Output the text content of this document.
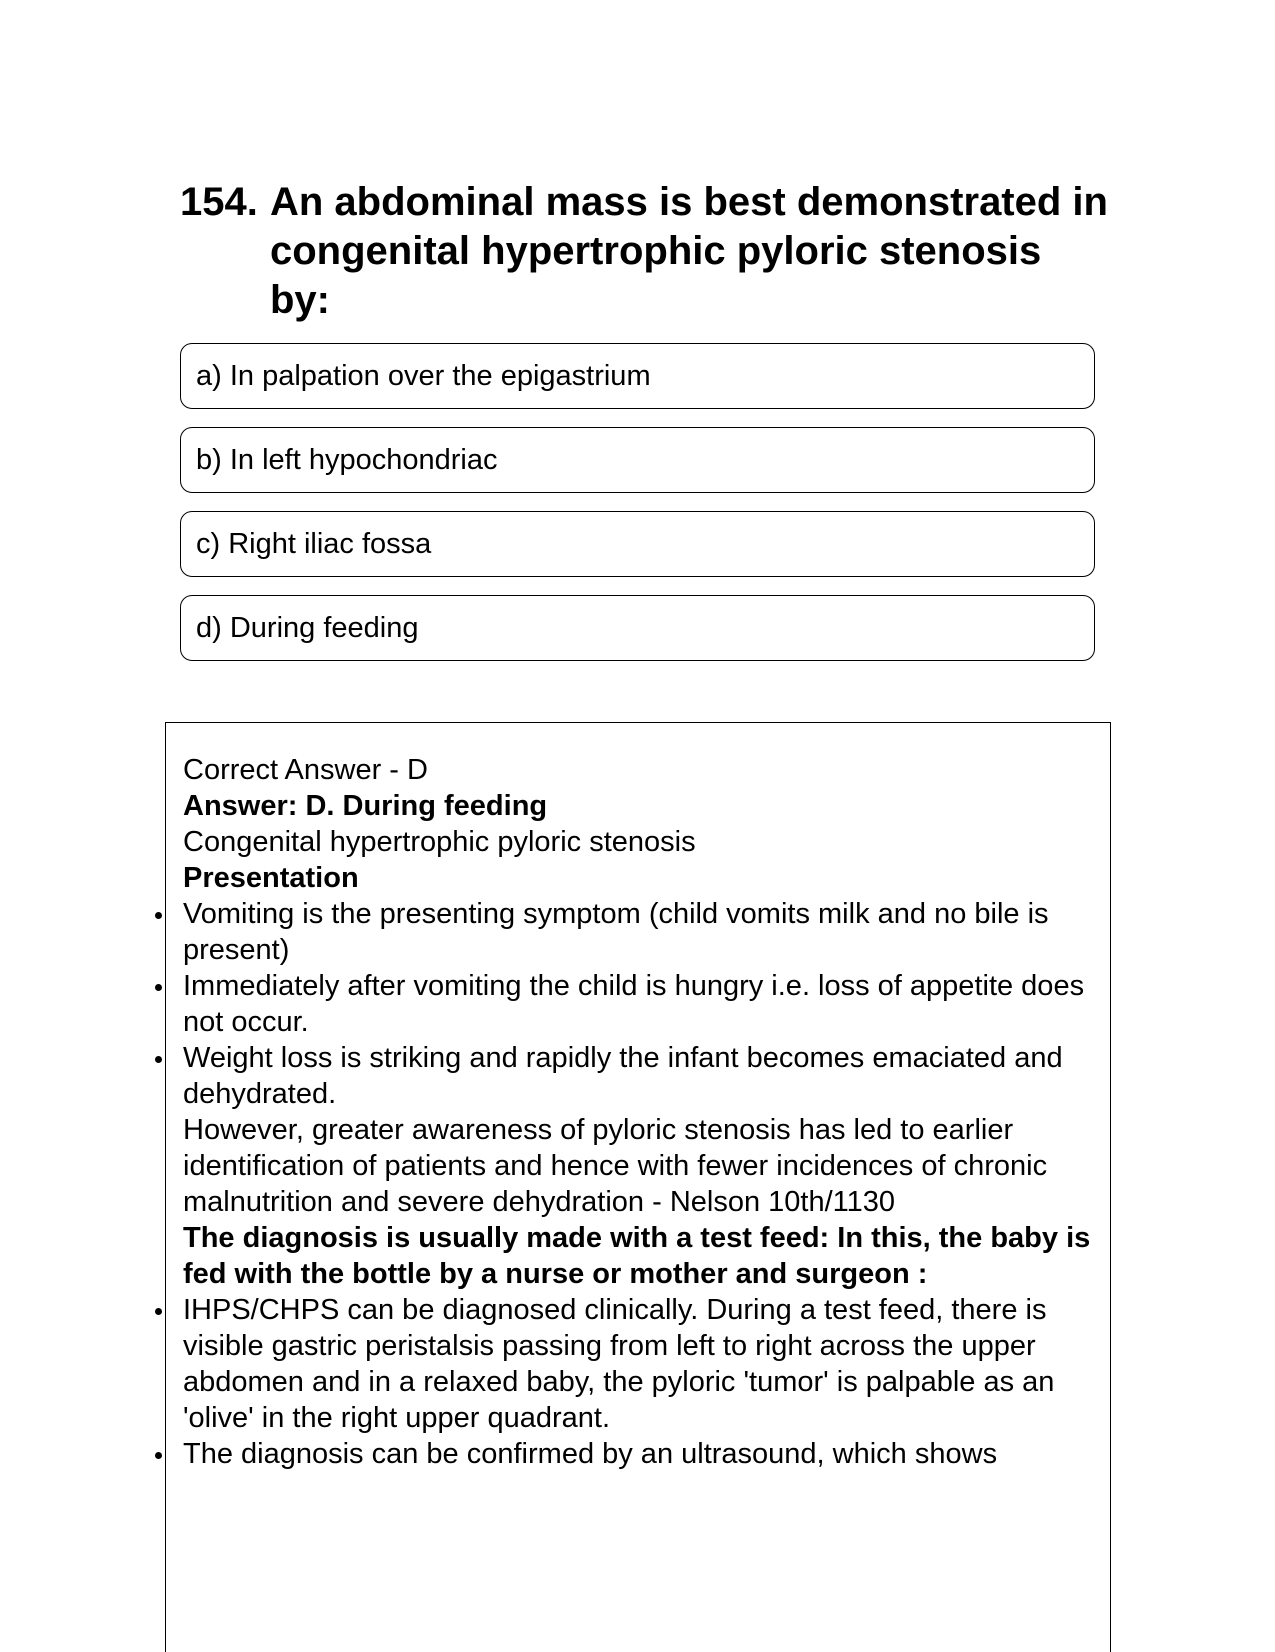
154. An abdominal mass is best demonstrated in congenital hypertrophic pyloric stenosis by:
a) In palpation over the epigastrium
b) In left hypochondriac
c) Right iliac fossa
d) During feeding

Correct Answer - D

Answer: D. During feeding

Congenital hypertrophic pyloric stenosis

Presentation

Vomiting is the presenting symptom (child vomits milk and no bile is present)

Immediately after vomiting the child is hungry i.e. loss of appetite does not occur.

Weight loss is striking and rapidly the infant becomes emaciated and dehydrated.

However, greater awareness of pyloric stenosis has led to earlier identification of patients and hence with fewer incidences of chronic malnutrition and severe dehydration - Nelson 10th/1130

The diagnosis is usually made with a test feed: In this, the baby is fed with the bottle by a nurse or mother and surgeon :

IHPS/CHPS can be diagnosed clinically. During a test feed, there is visible gastric peristalsis passing from left to right across the upper abdomen and in a relaxed baby, the pyloric 'tumor' is palpable as an 'olive' in the right upper quadrant.

The diagnosis can be confirmed by an ultrasound, which shows
